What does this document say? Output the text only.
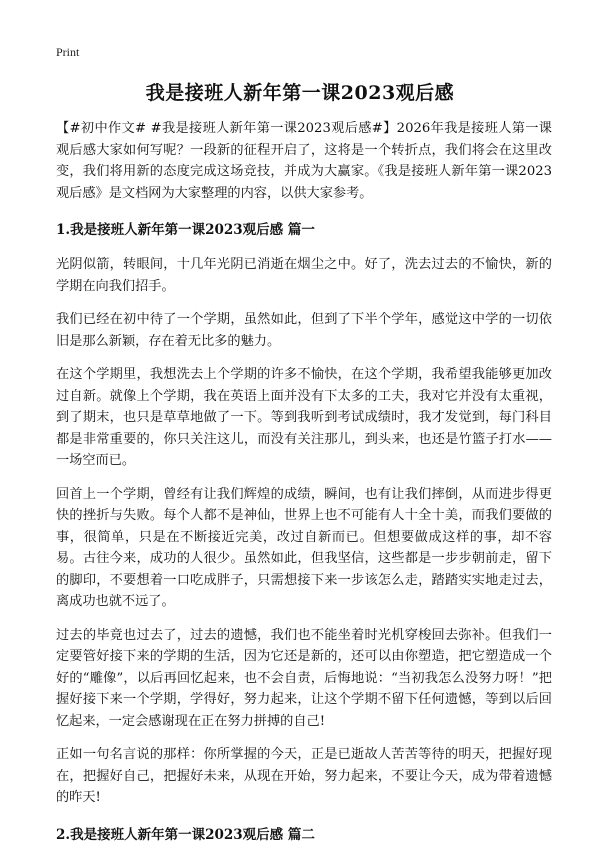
Print
我是接班人新年第一课2023观后感

【#初中作文# #我是接班人新年第一课2023观后感#】2026年我是接班人第一课观后感大家如何写呢？一段新的征程开启了，这将是一个转折点，我们将会在这里改变，我们将用新的态度完成这场竞技，并成为大赢家。《我是接班人新年第一课2023观后感》是文档网为大家整理的内容，以供大家参考。

1.我是接班人新年第一课2023观后感 篇一

光阴似箭，转眼间，十几年光阴已消逝在烟尘之中。好了，洗去过去的不愉快，新的学期在向我们招手。

我们已经在初中待了一个学期，虽然如此，但到了下半个学年，感觉这中学的一切依旧是那么新颖，存在着无比多的魅力。

在这个学期里，我想洗去上个学期的许多不愉快，在这个学期，我希望我能够更加改过自新。就像上个学期，我在英语上面并没有下太多的工夫，我对它并没有太重视，到了期末，也只是草草地做了一下。等到我听到考试成绩时，我才发觉到，每门科目都是非常重要的，你只关注这儿，而没有关注那儿，到头来，也还是竹篮子打水——一场空而已。

回首上一个学期，曾经有让我们辉煌的成绩，瞬间，也有让我们摔倒，从而进步得更快的挫折与失败。每个人都不是神仙，世界上也不可能有人十全十美，而我们要做的事，很简单，只是在不断接近完美，改过自新而已。但想要做成这样的事，却不容易。古往今来，成功的人很少。虽然如此，但我坚信，这些都是一步步朝前走，留下的脚印，不要想着一口吃成胖子，只需想接下来一步该怎么走，踏踏实实地走过去，离成功也就不远了。

过去的毕竟也过去了，过去的遗憾，我们也不能坐着时光机穿梭回去弥补。但我们一定要管好接下来的学期的生活，因为它还是新的，还可以由你塑造，把它塑造成一个好的“雕像”，以后再回忆起来，也不会自责，后悔地说：“当初我怎么没努力呀！”把握好接下来一个学期，学得好，努力起来，让这个学期不留下任何遗憾，等到以后回忆起来，一定会感谢现在正在努力拼搏的自己!

正如一句名言说的那样：你所掌握的今天，正是已逝故人苦苦等待的明天，把握好现在，把握好自己，把握好未来，从现在开始，努力起来，不要让今天，成为带着遗憾的昨天!

2.我是接班人新年第一课2023观后感 篇二
